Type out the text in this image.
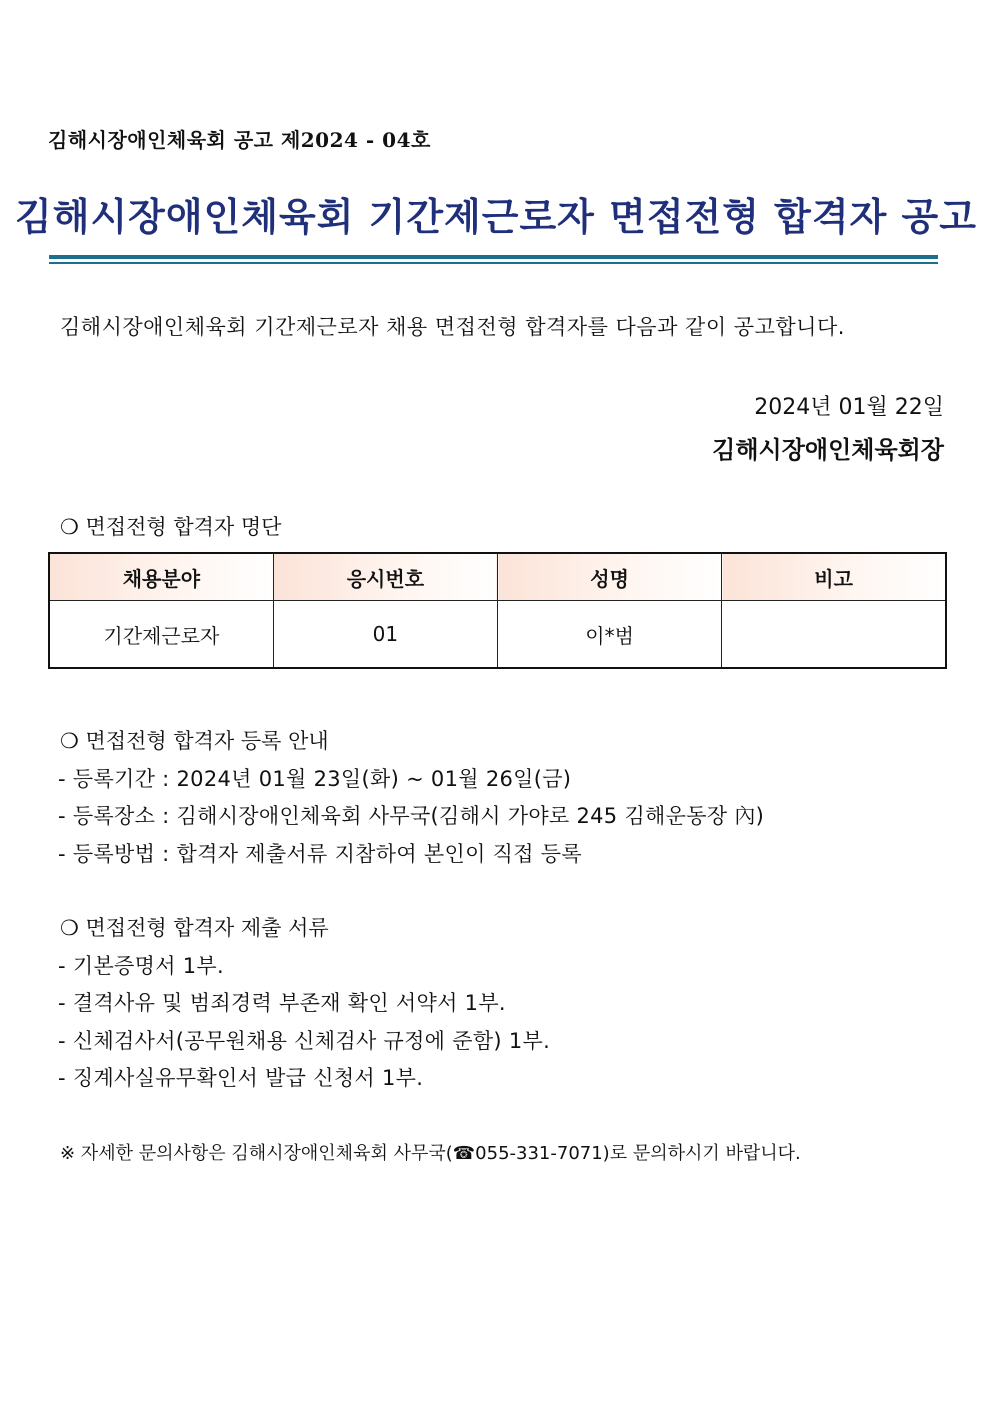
김해시장애인체육회 공고 제2024 - 04호
김해시장애인체육회 기간제근로자 면접전형 합격자 공고
김해시장애인체육회 기간제근로자 채용 면접전형 합격자를 다음과 같이 공고합니다.
2024년 01월 22일
김해시장애인체육회장
❍ 면접전형 합격자 명단
채용분야	응시번호	성명	비고
기간제근로자	01	이*범	
❍ 면접전형 합격자 등록 안내
- 등록기간 : 2024년 01월 23일(화) ~ 01월 26일(금)
- 등록장소 : 김해시장애인체육회 사무국(김해시 가야로 245 김해운동장 內)
- 등록방법 : 합격자 제출서류 지참하여 본인이 직접 등록
❍ 면접전형 합격자 제출 서류
- 기본증명서 1부.
- 결격사유 및 범죄경력 부존재 확인 서약서 1부.
- 신체검사서(공무원채용 신체검사 규정에 준함) 1부.
- 징계사실유무확인서 발급 신청서 1부.
※ 자세한 문의사항은 김해시장애인체육회 사무국(☎055-331-7071)로 문의하시기 바랍니다.
